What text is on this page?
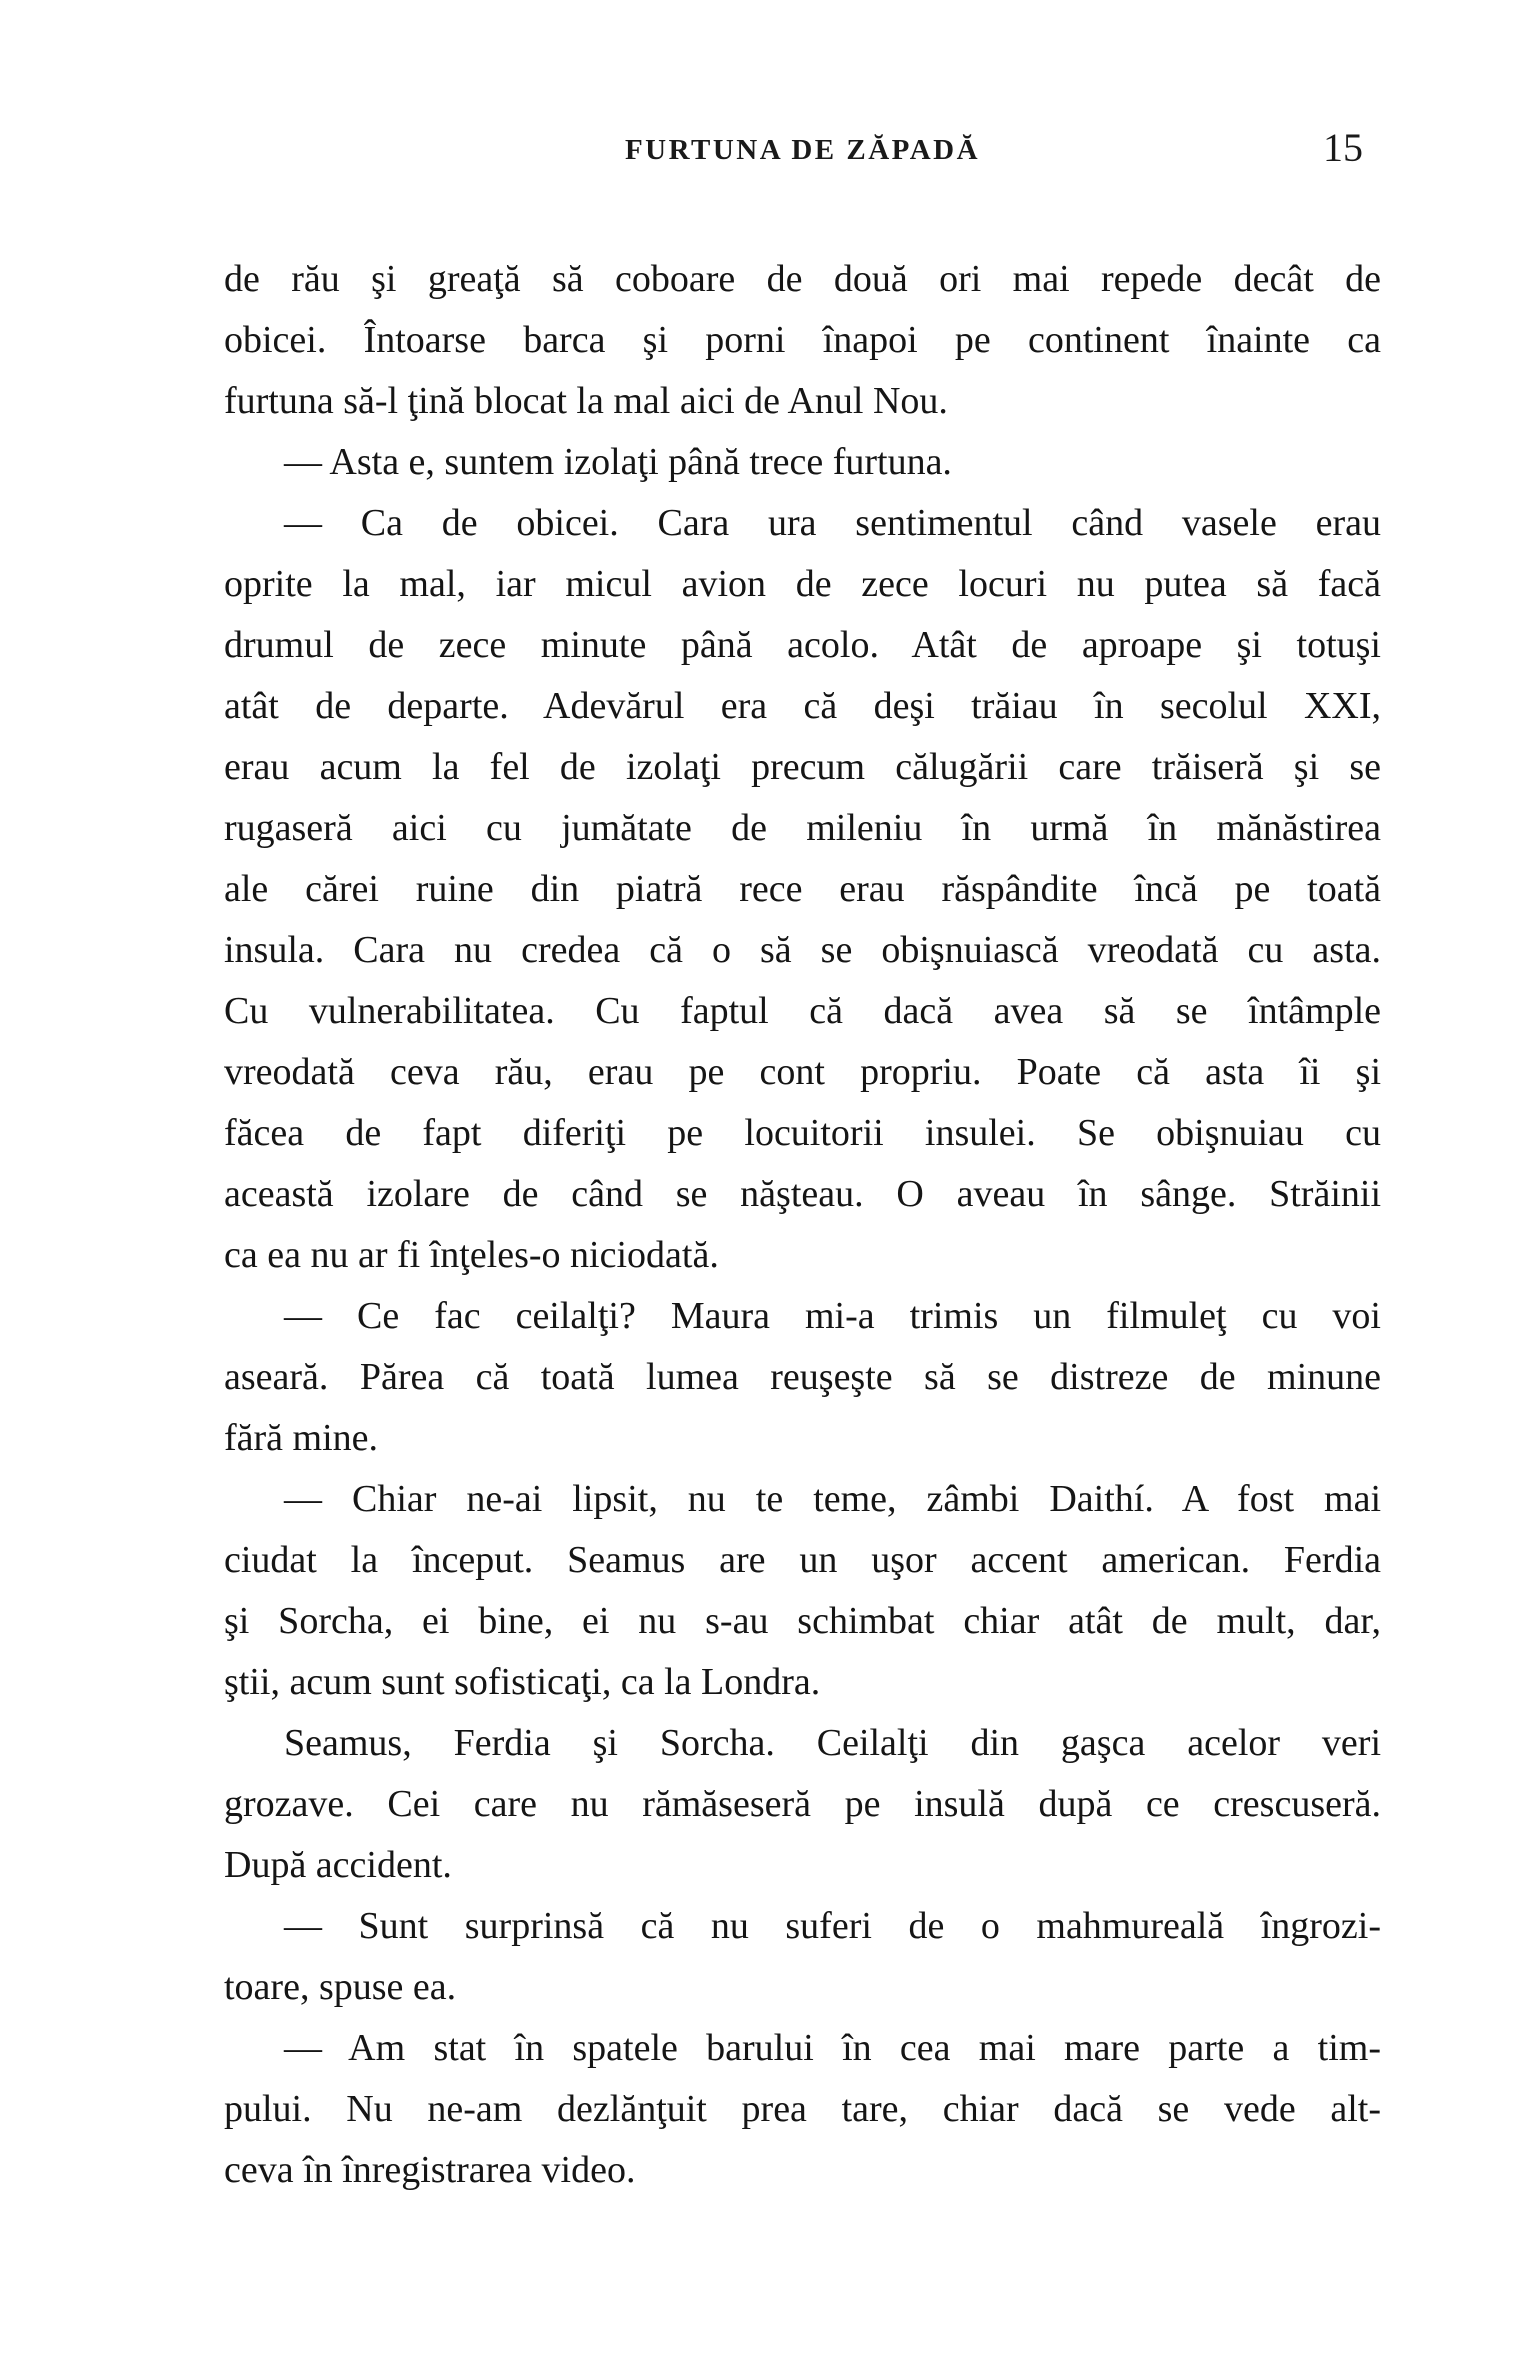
FURTUNA DE ZĂPADĂ	15
de rău şi greaţă să coboare de două ori mai repede decât de
obicei. Întoarse barca şi porni înapoi pe continent înainte ca
furtuna să-l ţină blocat la mal aici de Anul Nou.
— Asta e, suntem izolaţi până trece furtuna.
— Ca de obicei. Cara ura sentimentul când vasele erau
oprite la mal, iar micul avion de zece locuri nu putea să facă
drumul de zece minute până acolo. Atât de aproape şi totuşi
atât de departe. Adevărul era că deşi trăiau în secolul XXI,
erau acum la fel de izolaţi precum călugării care trăiseră şi se
rugaseră aici cu jumătate de mileniu în urmă în mănăstirea
ale cărei ruine din piatră rece erau răspândite încă pe toată
insula. Cara nu credea că o să se obişnuiască vreodată cu asta.
Cu vulnerabilitatea. Cu faptul că dacă avea să se întâmple
vreodată ceva rău, erau pe cont propriu. Poate că asta îi şi
făcea de fapt diferiţi pe locuitorii insulei. Se obişnuiau cu
această izolare de când se năşteau. O aveau în sânge. Străinii
ca ea nu ar fi înţeles-o niciodată.
— Ce fac ceilalţi? Maura mi-a trimis un filmuleţ cu voi
aseară. Părea că toată lumea reuşeşte să se distreze de minune
fără mine.
— Chiar ne-ai lipsit, nu te teme, zâmbi Daithí. A fost mai
ciudat la început. Seamus are un uşor accent american. Ferdia
şi Sorcha, ei bine, ei nu s-au schimbat chiar atât de mult, dar,
ştii, acum sunt sofisticaţi, ca la Londra.
Seamus, Ferdia şi Sorcha. Ceilalţi din gaşca acelor veri
grozave. Cei care nu rămăseseră pe insulă după ce crescuseră.
După accident.
— Sunt surprinsă că nu suferi de o mahmureală îngrozi-
toare, spuse ea.
— Am stat în spatele barului în cea mai mare parte a tim-
pului. Nu ne-am dezlănţuit prea tare, chiar dacă se vede alt-
ceva în înregistrarea video.
